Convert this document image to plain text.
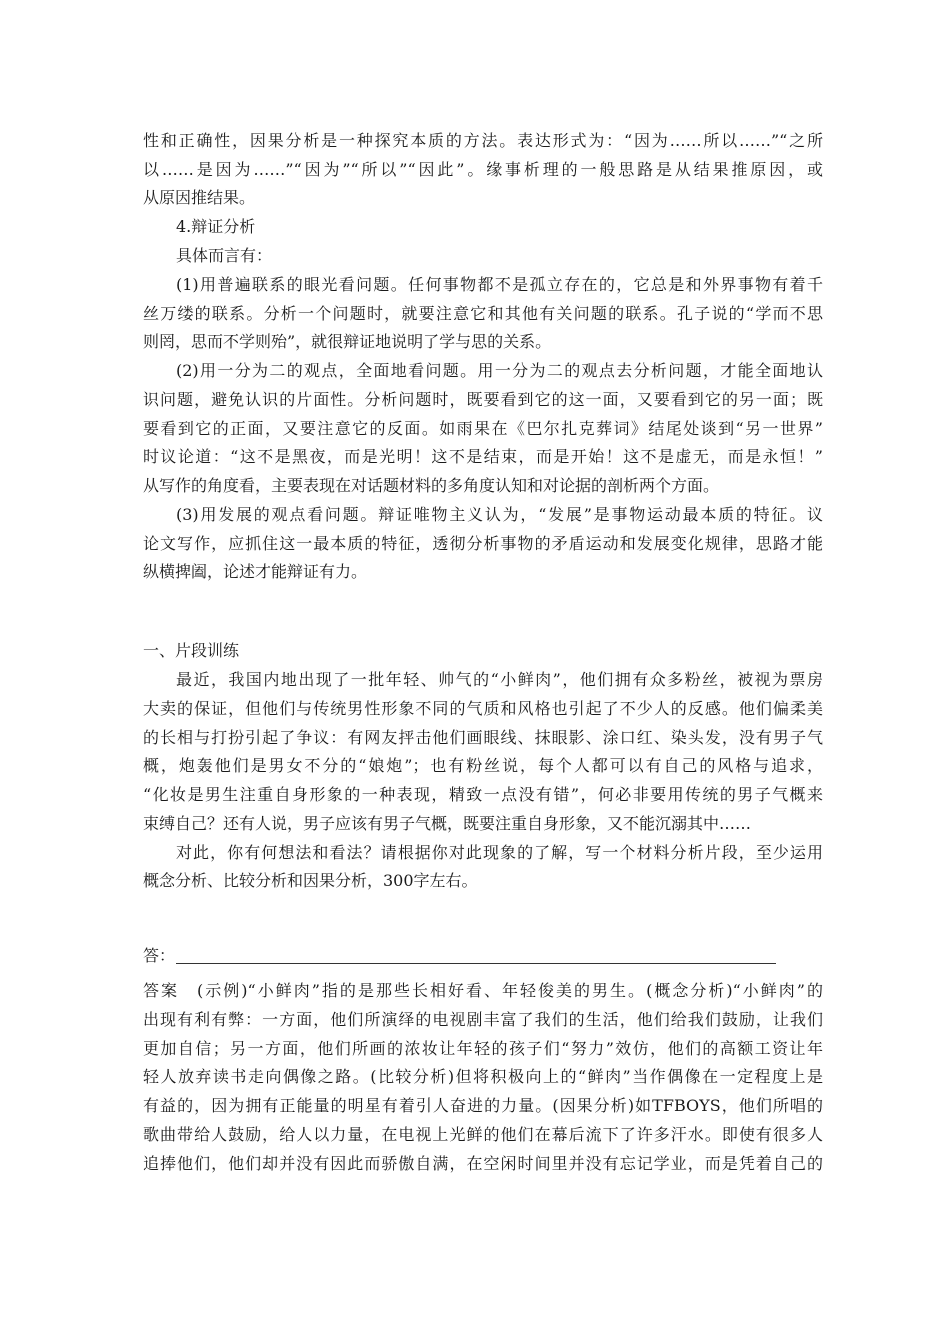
性和正确性，因果分析是一种探究本质的方法。表达形式为：“因为……所以……”“之所
以……是因为……”“因为”“所以”“因此”。缘事析理的一般思路是从结果推原因，或
从原因推结果。
4.辩证分析
具体而言有：
(1)用普遍联系的眼光看问题。任何事物都不是孤立存在的，它总是和外界事物有着千
丝万缕的联系。分析一个问题时，就要注意它和其他有关问题的联系。孔子说的“学而不思
则罔，思而不学则殆”，就很辩证地说明了学与思的关系。
(2)用一分为二的观点，全面地看问题。用一分为二的观点去分析问题，才能全面地认
识问题，避免认识的片面性。分析问题时，既要看到它的这一面，又要看到它的另一面；既
要看到它的正面，又要注意它的反面。如雨果在《巴尔扎克葬词》结尾处谈到“另一世界”
时议论道：“这不是黑夜，而是光明！这不是结束，而是开始！这不是虚无，而是永恒！”
从写作的角度看，主要表现在对话题材料的多角度认知和对论据的剖析两个方面。
(3)用发展的观点看问题。辩证唯物主义认为，“发展”是事物运动最本质的特征。议
论文写作，应抓住这一最本质的特征，透彻分析事物的矛盾运动和发展变化规律，思路才能
纵横捭阖，论述才能辩证有力。
一、片段训练
最近，我国内地出现了一批年轻、帅气的“小鲜肉”，他们拥有众多粉丝，被视为票房
大卖的保证，但他们与传统男性形象不同的气质和风格也引起了不少人的反感。他们偏柔美
的长相与打扮引起了争议：有网友抨击他们画眼线、抹眼影、涂口红、染头发，没有男子气
概，炮轰他们是男女不分的“娘炮”；也有粉丝说，每个人都可以有自己的风格与追求，
“化妆是男生注重自身形象的一种表现，精致一点没有错”，何必非要用传统的男子气概来
束缚自己？还有人说，男子应该有男子气概，既要注重自身形象，又不能沉溺其中……
对此，你有何想法和看法？请根据你对此现象的了解，写一个材料分析片段，至少运用
概念分析、比较分析和因果分析，300字左右。
答：
答案　(示例)“小鲜肉”指的是那些长相好看、年轻俊美的男生。(概念分析)“小鲜肉”的
出现有利有弊：一方面，他们所演绎的电视剧丰富了我们的生活，他们给我们鼓励，让我们
更加自信；另一方面，他们所画的浓妆让年轻的孩子们“努力”效仿，他们的高额工资让年
轻人放弃读书走向偶像之路。(比较分析)但将积极向上的“鲜肉”当作偶像在一定程度上是
有益的，因为拥有正能量的明星有着引人奋进的力量。(因果分析)如TFBOYS，他们所唱的
歌曲带给人鼓励，给人以力量，在电视上光鲜的他们在幕后流下了许多汗水。即使有很多人
追捧他们，他们却并没有因此而骄傲自满，在空闲时间里并没有忘记学业，而是凭着自己的
